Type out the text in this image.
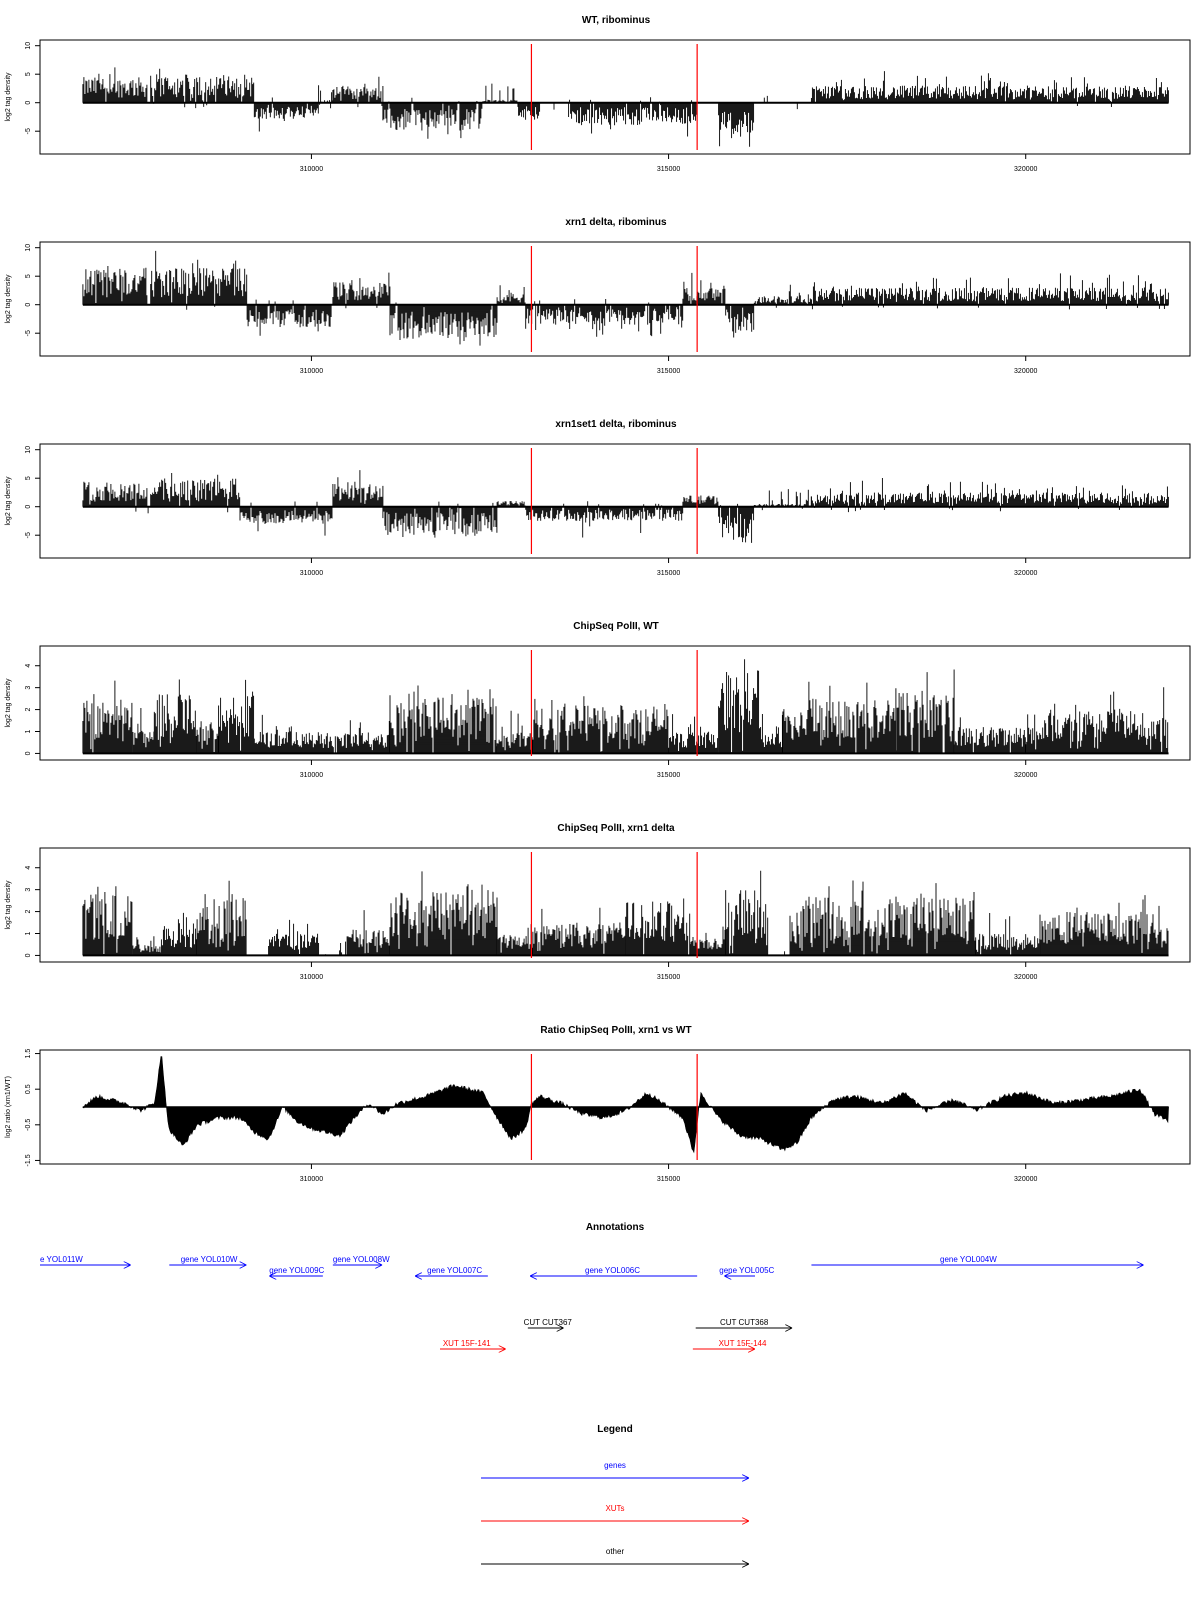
WT, ribominus
log2 tag density
310000	315000	320000
-5
0
5
10
xrn1 delta, ribominus
log2 tag density
310000	315000	320000
-5
0
5
10
xrn1set1 delta, ribominus
log2 tag density
310000	315000	320000
-5
0
5
10
ChipSeq PolII, WT
log2 tag density
310000	315000	320000
0
1
2
3
4
ChipSeq PolII, xrn1 delta
log2 tag density
310000	315000	320000
0
1
2
3
4
Ratio ChipSeq PolII, xrn1 vs WT
log2 ratio (xrn1/WT)
310000	315000	320000
-1.5
-0.5
0.5
1.5
Annotations
e YOL011W	gene YOL010W
gene YOL009C
gene YOL008W
gene YOL007C	gene YOL006C	gene YOL005C
gene YOL004W
CUT CUT367	CUT CUT368
XUT 15F-141	XUT 15F-144
Legend
genes
XUTs
other
